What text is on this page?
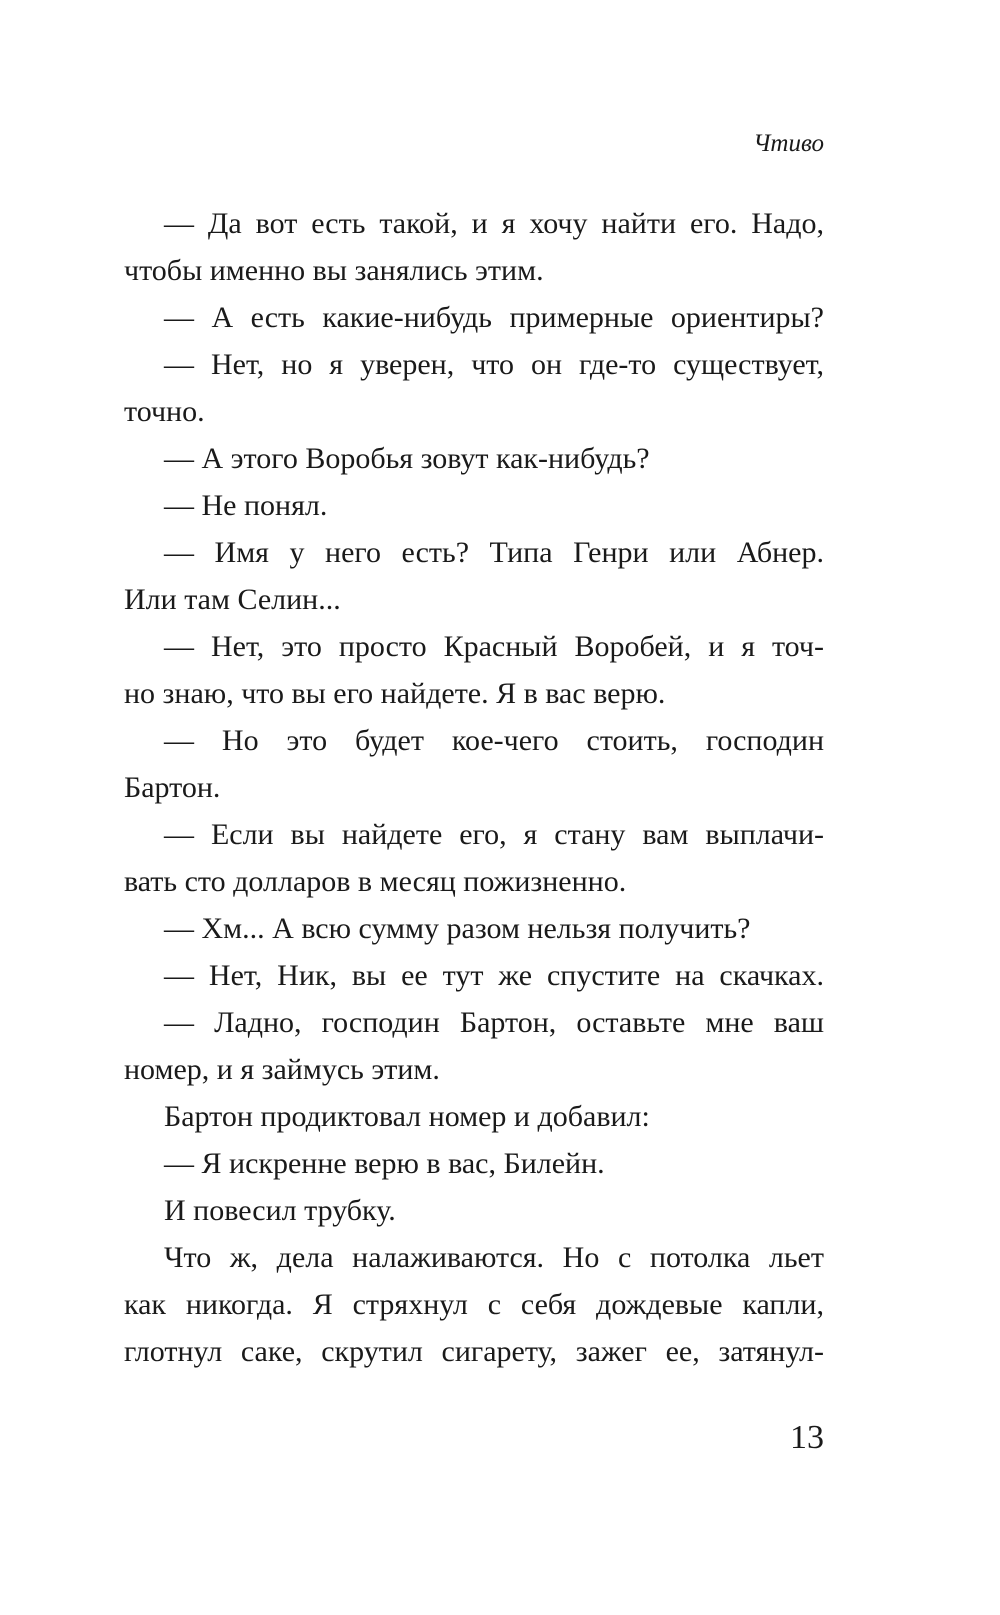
Чтиво
— Да вот есть такой, и я хочу найти его. Надо,
чтобы именно вы занялись этим.
— А есть какие-нибудь примерные ориентиры?
— Нет, но я уверен, что он где-то существует,
точно.
— А этого Воробья зовут как-нибудь?
— Не понял.
— Имя у него есть? Типа Генри или Абнер.
Или там Селин...
— Нет, это просто Красный Воробей, и я точ-
но знаю, что вы его найдете. Я в вас верю.
— Но это будет кое-чего стоить, господин
Бартон.
— Если вы найдете его, я стану вам выплачи-
вать сто долларов в месяц пожизненно.
— Хм... А всю сумму разом нельзя получить?
— Нет, Ник, вы ее тут же спустите на скачках.
— Ладно, господин Бартон, оставьте мне ваш
номер, и я займусь этим.
Бартон продиктовал номер и добавил:
— Я искренне верю в вас, Билейн.
И повесил трубку.
Что ж, дела налаживаются. Но с потолка льет
как никогда. Я стряхнул с себя дождевые капли,
глотнул саке, скрутил сигарету, зажег ее, затянул-
13
